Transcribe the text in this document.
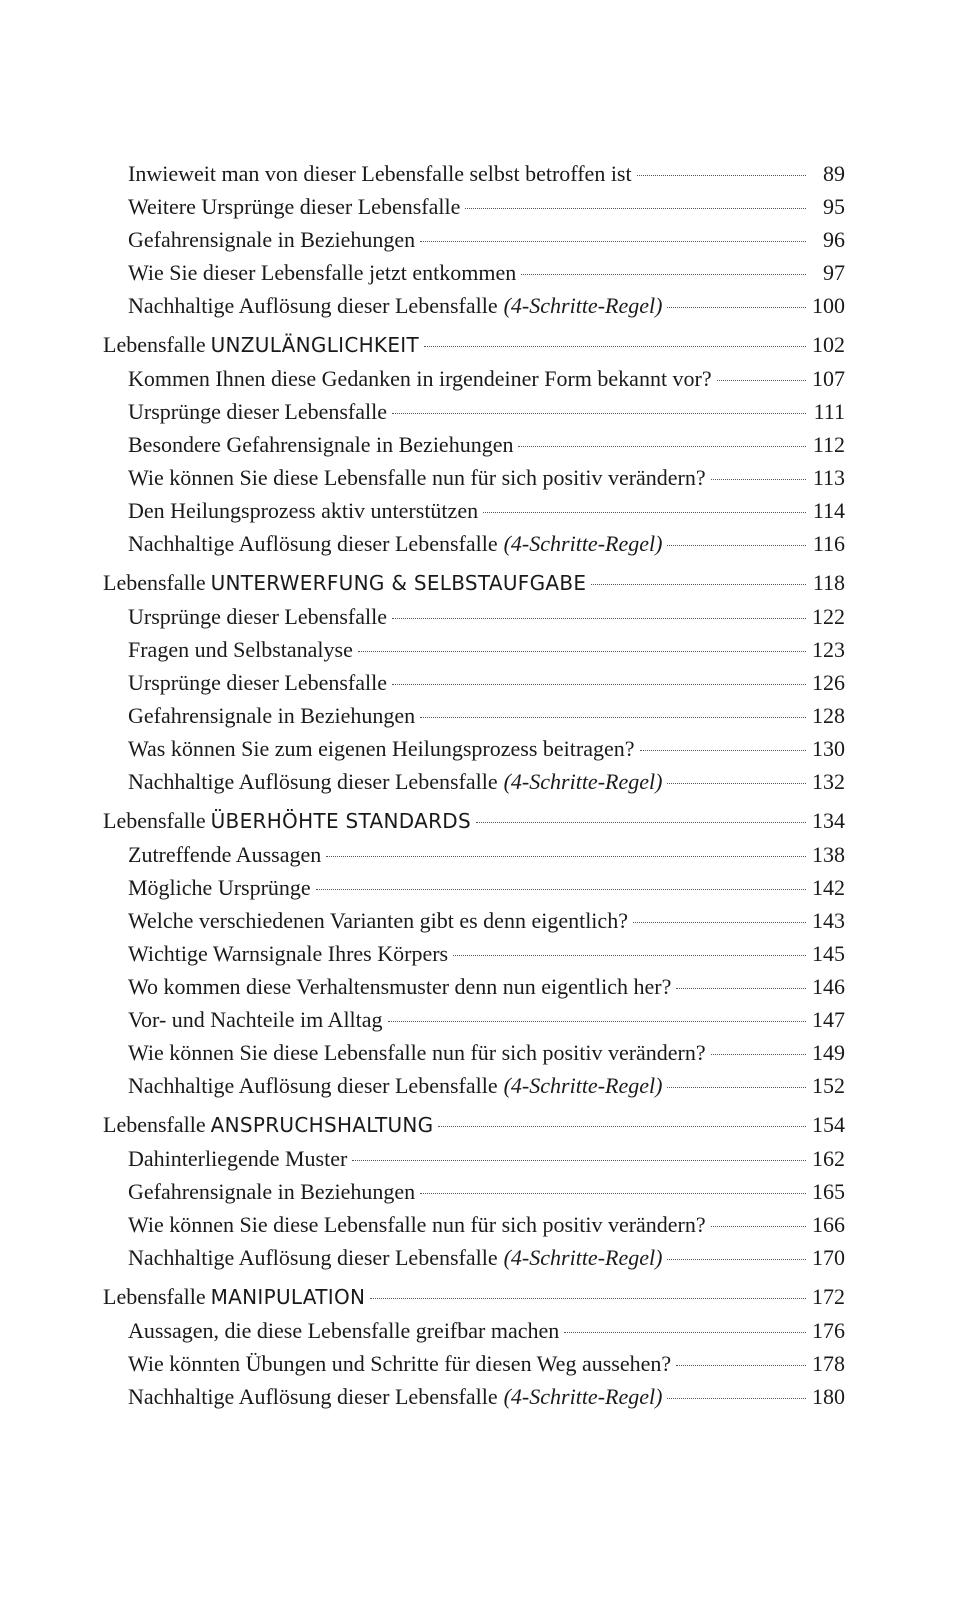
Inwieweit man von dieser Lebensfalle selbst betroffen ist	89
Weitere Ursprünge dieser Lebensfalle	95
Gefahrensignale in Beziehungen	96
Wie Sie dieser Lebensfalle jetzt entkommen	97
Nachhaltige Auflösung dieser Lebensfalle (4-Schritte-Regel)	100
Lebensfalle UNZULÄNGLICHKEIT	102
Kommen Ihnen diese Gedanken in irgendeiner Form bekannt vor?	107
Ursprünge dieser Lebensfalle	111
Besondere Gefahrensignale in Beziehungen	112
Wie können Sie diese Lebensfalle nun für sich positiv verändern?	113
Den Heilungsprozess aktiv unterstützen	114
Nachhaltige Auflösung dieser Lebensfalle (4-Schritte-Regel)	116
Lebensfalle UNTERWERFUNG & SELBSTAUFGABE	118
Ursprünge dieser Lebensfalle	122
Fragen und Selbstanalyse	123
Ursprünge dieser Lebensfalle	126
Gefahrensignale in Beziehungen	128
Was können Sie zum eigenen Heilungsprozess beitragen?	130
Nachhaltige Auflösung dieser Lebensfalle (4-Schritte-Regel)	132
Lebensfalle ÜBERHÖHTE STANDARDS	134
Zutreffende Aussagen	138
Mögliche Ursprünge	142
Welche verschiedenen Varianten gibt es denn eigentlich?	143
Wichtige Warnsignale Ihres Körpers	145
Wo kommen diese Verhaltensmuster denn nun eigentlich her?	146
Vor- und Nachteile im Alltag	147
Wie können Sie diese Lebensfalle nun für sich positiv verändern?	149
Nachhaltige Auflösung dieser Lebensfalle (4-Schritte-Regel)	152
Lebensfalle ANSPRUCHSHALTUNG	154
Dahinterliegende Muster	162
Gefahrensignale in Beziehungen	165
Wie können Sie diese Lebensfalle nun für sich positiv verändern?	166
Nachhaltige Auflösung dieser Lebensfalle (4-Schritte-Regel)	170
Lebensfalle MANIPULATION	172
Aussagen, die diese Lebensfalle greifbar machen	176
Wie könnten Übungen und Schritte für diesen Weg aussehen?	178
Nachhaltige Auflösung dieser Lebensfalle (4-Schritte-Regel)	180
